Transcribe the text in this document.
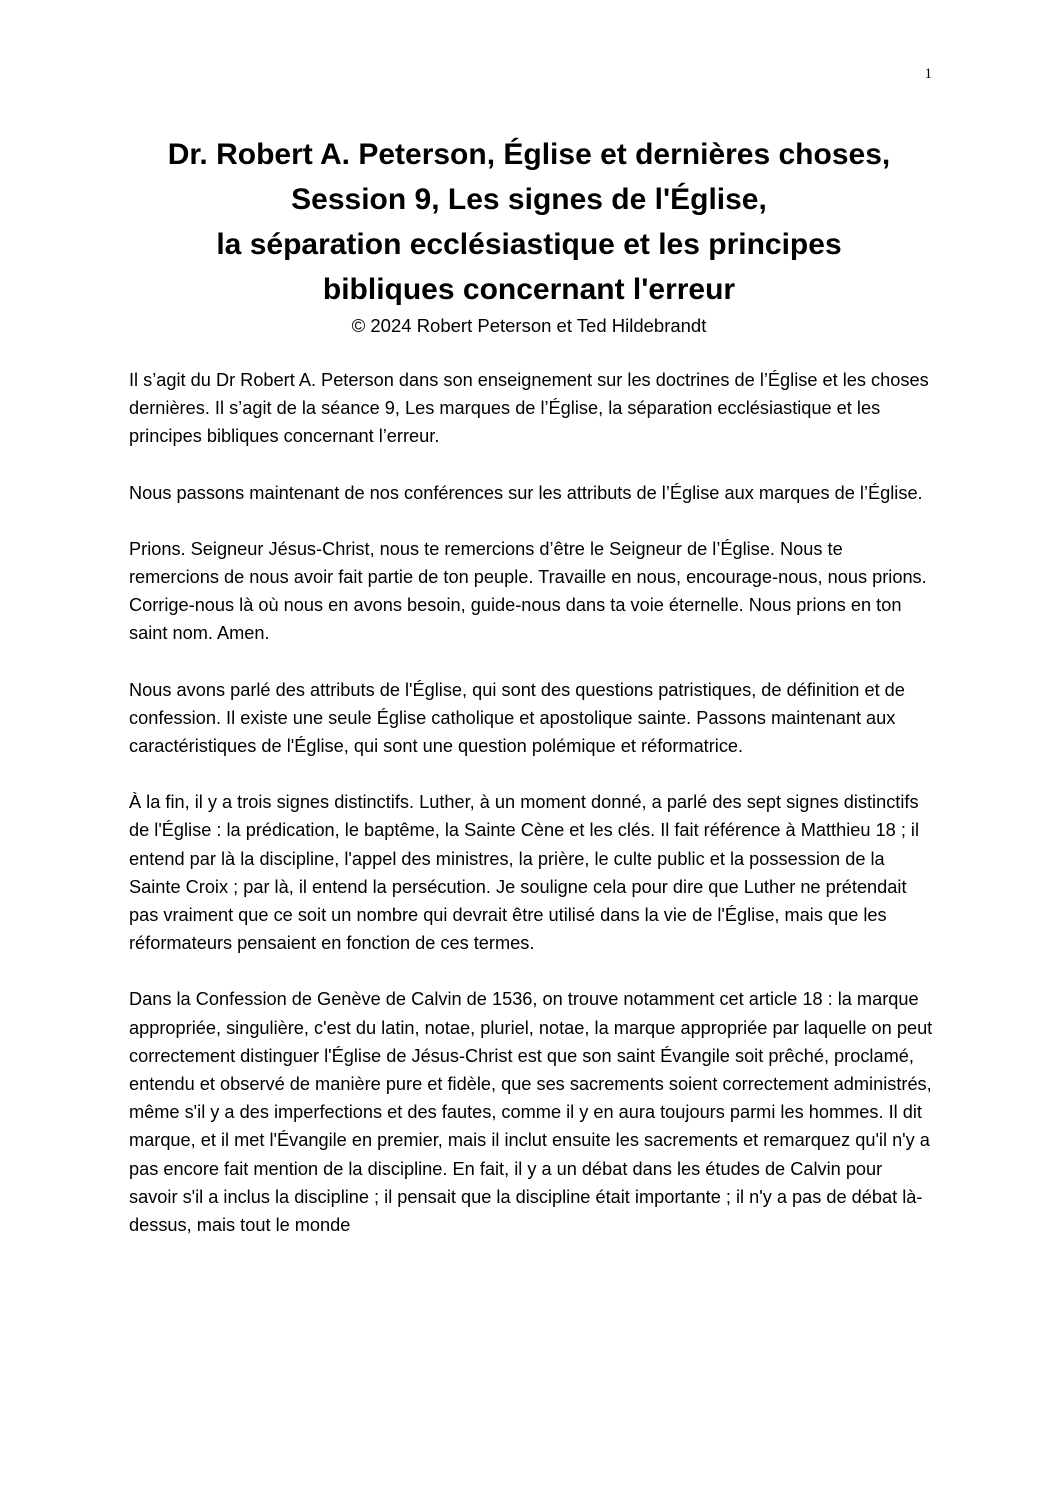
1
Dr. Robert A. Peterson, Église et dernières choses,
Session 9, Les signes de l'Église,
la séparation ecclésiastique et les principes
bibliques concernant l'erreur
© 2024 Robert Peterson et Ted Hildebrandt

Il s’agit du Dr Robert A. Peterson dans son enseignement sur les doctrines de l’Église et les choses dernières. Il s’agit de la séance 9, Les marques de l’Église, la séparation ecclésiastique et les principes bibliques concernant l’erreur.

Nous passons maintenant de nos conférences sur les attributs de l’Église aux marques de l’Église.

Prions. Seigneur Jésus-Christ, nous te remercions d’être le Seigneur de l’Église. Nous te remercions de nous avoir fait partie de ton peuple. Travaille en nous, encourage-nous, nous prions. Corrige-nous là où nous en avons besoin, guide-nous dans ta voie éternelle. Nous prions en ton saint nom. Amen.

Nous avons parlé des attributs de l'Église, qui sont des questions patristiques, de définition et de confession. Il existe une seule Église catholique et apostolique sainte. Passons maintenant aux caractéristiques de l'Église, qui sont une question polémique et réformatrice.

À la fin, il y a trois signes distinctifs. Luther, à un moment donné, a parlé des sept signes distinctifs de l'Église : la prédication, le baptême, la Sainte Cène et les clés. Il fait référence à Matthieu 18 ; il entend par là la discipline, l'appel des ministres, la prière, le culte public et la possession de la Sainte Croix ; par là, il entend la persécution. Je souligne cela pour dire que Luther ne prétendait pas vraiment que ce soit un nombre qui devrait être utilisé dans la vie de l'Église, mais que les réformateurs pensaient en fonction de ces termes.

Dans la Confession de Genève de Calvin de 1536, on trouve notamment cet article 18 : la marque appropriée, singulière, c'est du latin, notae, pluriel, notae, la marque appropriée par laquelle on peut correctement distinguer l'Église de Jésus-Christ est que son saint Évangile soit prêché, proclamé, entendu et observé de manière pure et fidèle, que ses sacrements soient correctement administrés, même s'il y a des imperfections et des fautes, comme il y en aura toujours parmi les hommes. Il dit marque, et il met l'Évangile en premier, mais il inclut ensuite les sacrements et remarquez qu'il n'y a pas encore fait mention de la discipline. En fait, il y a un débat dans les études de Calvin pour savoir s'il a inclus la discipline ; il pensait que la discipline était importante ; il n'y a pas de débat là-dessus, mais tout le monde
